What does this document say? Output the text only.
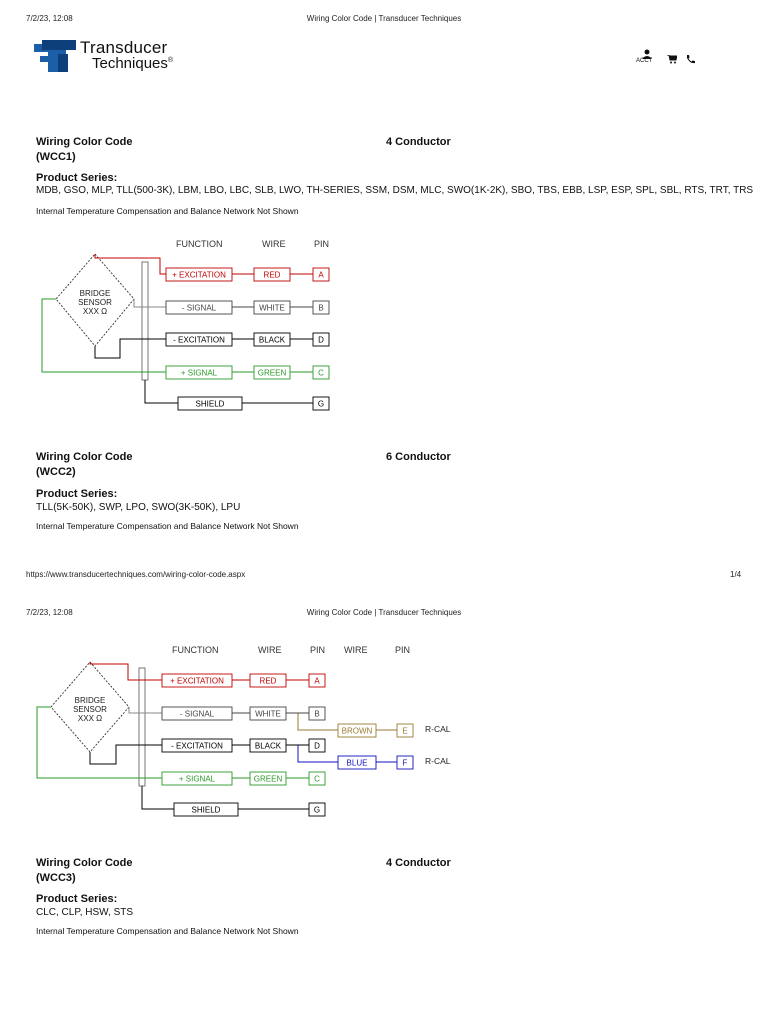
7/2/23, 12:08	Wiring Color Code | Transducer Techniques
Transducer
Techniques®	ACCT
Wiring Color Code
(WCC1)
4 Conductor
Product Series:
MDB, GSO, MLP, TLL(500-3K), LBM, LBO, LBC, SLB, LWO, TH-SERIES, SSM, DSM, MLC, SWO(1K-2K), SBO, TBS, EBB, LSP, ESP, SPL, SBL, RTS, TRT, TRS
Internal Temperature Compensation and Balance Network Not Shown
FUNCTION	WIRE	PIN
BRIDGE
SENSOR
XXX Ω
+ EXCITATION	RED	A
- SIGNAL	WHITE	B
- EXCITATION	BLACK	D
+ SIGNAL	GREEN	C
SHIELD	G
Wiring Color Code
(WCC2)
6 Conductor
Product Series:
TLL(5K-50K), SWP, LPO, SWO(3K-50K), LPU
Internal Temperature Compensation and Balance Network Not Shown
https://www.transducertechniques.com/wiring-color-code.aspx	1/4
7/2/23, 12:08	Wiring Color Code | Transducer Techniques
FUNCTION	WIRE	PIN WIRE	PIN
BRIDGE
SENSOR
XXX Ω
+ EXCITATION	RED	A
- SIGNAL	WHITE	B
- EXCITATION	BLACK	D
+ SIGNAL	GREEN	C
SHIELD	G
BROWN	E R-CAL
BLUE	F R-CAL
Wiring Color Code
(WCC3)
4 Conductor
Product Series:
CLC, CLP, HSW, STS
Internal Temperature Compensation and Balance Network Not Shown
